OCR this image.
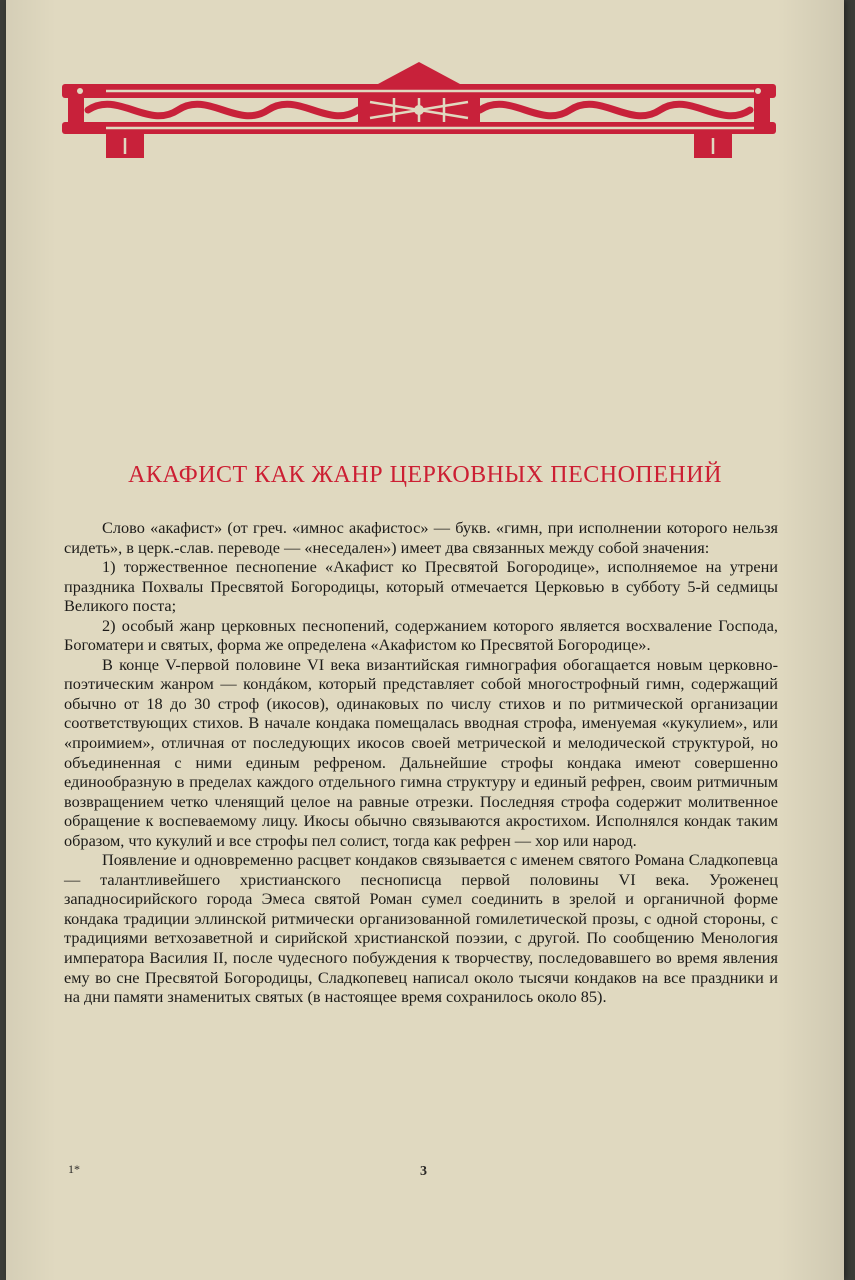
АКАФИСТ КАК ЖАНР ЦЕРКОВНЫХ ПЕСНОПЕНИЙ

Слово «акафист» (от греч. «имнос акафистос» — букв. «гимн, при исполнении которого нельзя сидеть», в церк.-слав. переводе — «неседален») имеет два связанных между собой значения:

1) торжественное песнопение «Акафист ко Пресвятой Богородице», исполняемое на утрени праздника Похвалы Пресвятой Богородицы, который отмечается Церковью в субботу 5-й седмицы Великого поста;

2) особый жанр церковных песнопений, содержанием которого является восхваление Господа, Богоматери и святых, форма же определена «Акафистом ко Пресвятой Богородице».

В конце V-первой половине VI века византийская гимнография обогащается новым церковно-поэтическим жанром — кондáком, который представляет собой многострофный гимн, содержащий обычно от 18 до 30 строф (икосов), одинаковых по числу стихов и по ритмической организации соответствующих стихов. В начале кондака помещалась вводная строфа, именуемая «кукулием», или «проимием», отличная от последующих икосов своей метрической и мелодической структурой, но объединенная с ними единым рефреном. Дальнейшие строфы кондака имеют совершенно единообразную в пределах каждого отдельного гимна структуру и единый рефрен, своим ритмичным возвращением четко членящий целое на равные отрезки. Последняя строфа содержит молитвенное обращение к воспеваемому лицу. Икосы обычно связываются акростихом. Исполнялся кондак таким образом, что кукулий и все строфы пел солист, тогда как рефрен — хор или народ.

Появление и одновременно расцвет кондаков связывается с именем святого Романа Сладкопевца — талантливейшего христианского песнописца первой половины VI века. Уроженец западносирийского города Эмеса святой Роман сумел соединить в зрелой и органичной форме кондака традиции эллинской ритмически организованной гомилетической прозы, с одной стороны, с традициями ветхозаветной и сирийской христианской поэзии, с другой. По сообщению Менология императора Василия II, после чудесного побуждения к творчеству, последовавшего во время явления ему во сне Пресвятой Богородицы, Сладкопевец написал около тысячи кондаков на все праздники и на дни памяти знаменитых святых (в настоящее время сохранилось около 85).

1*	3
